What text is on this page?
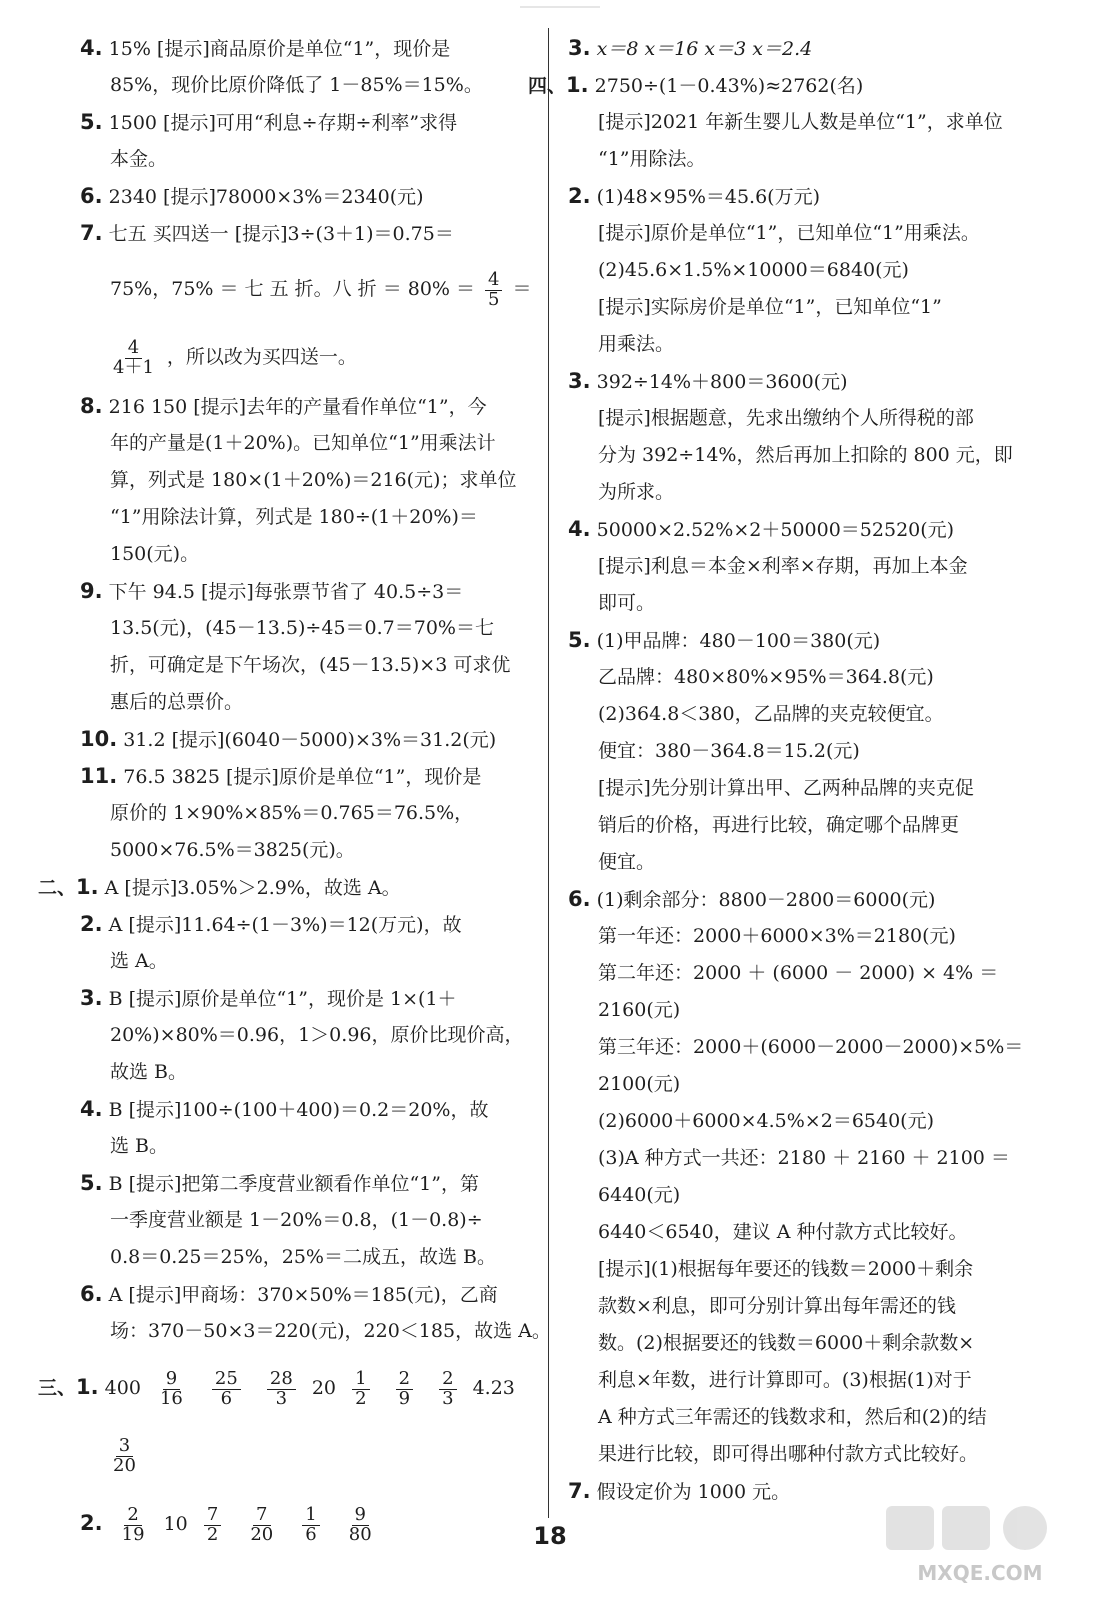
4. 15% [提示]商品原价是单位“1”，现价是
85%，现价比原价降低了 1－85%＝15%。
5. 1500 [提示]可用“利息÷存期÷利率”求得
本金。
6. 2340 [提示]78000×3%＝2340(元)
7. 七五 买四送一 [提示]3÷(3＋1)＝0.75＝
75%，75% ＝ 七 五 折。八 折 ＝ $80\% = \frac{4}{5}$ ＝
$\frac{4}{4+1}$ ，所以改为买四送一。
8. 216 150 [提示]去年的产量看作单位“1”，今
年的产量是(1＋20%)。已知单位“1”用乘法计
算，列式是 180×(1＋20%)＝216(元)；求单位
“1”用除法计算，列式是 180÷(1＋20%)＝
150(元)。
9. 下午 94.5 [提示]每张票节省了 40.5÷3＝
13.5(元)，(45－13.5)÷45＝0.7＝70%＝七
折，可确定是下午场次，(45－13.5)×3 可求优
惠后的总票价。
10. 31.2 [提示](6040－5000)×3%＝31.2(元)
11. 76.5 3825 [提示]原价是单位“1”，现价是
原价的 1×90%×85%＝0.765＝76.5%，
5000×76.5%＝3825(元)。
二、1. A [提示]3.05%＞2.9%，故选 A。
2. A [提示]11.64÷(1－3%)＝12(万元)，故
选 A。
3. B [提示]原价是单位“1”，现价是 1×(1＋
20%)×80%＝0.96，1＞0.96，原价比现价高，
故选 B。
4. B [提示]100÷(100＋400)＝0.2＝20%，故
选 B。
5. B [提示]把第二季度营业额看作单位“1”，第
一季度营业额是 1－20%＝0.8，(1－0.8)÷
0.8＝0.25＝25%，25%＝二成五，故选 B。
6. A [提示]甲商场：370×50%＝185(元)，乙商
场：370－50×3＝220(元)，220＜185，故选 A。
三、1. $400 \frac{9}{16}$
$\frac{25}{6}$
$\frac{28}{3} 20 \frac{1}{2}$
$\frac{2}{9}$
$\frac{2}{3} 4.23$
$\frac{3}{20}$
2. $\frac{2}{19} 10 \frac{7}{2}$
$\frac{7}{20}$
$\frac{1}{6}$
$\frac{9}{80}$
3. x＝8 x＝16 x＝3 x＝2.4
四、1. 2750÷(1－0.43%)≈2762(名)
[提示]2021 年新生婴儿人数是单位“1”，求单位
“1”用除法。
2. (1)48×95%＝45.6(万元)
[提示]原价是单位“1”，已知单位“1”用乘法。
(2)45.6×1.5%×10000＝6840(元)
[提示]实际房价是单位“1”，已知单位“1”
用乘法。
3. 392÷14%＋800＝3600(元)
[提示]根据题意，先求出缴纳个人所得税的部
分为 392÷14%，然后再加上扣除的 800 元，即
为所求。
4. 50000×2.52%×2＋50000＝52520(元)
[提示]利息＝本金×利率×存期，再加上本金
即可。
5. (1)甲品牌：480－100＝380(元)
乙品牌：480×80%×95%＝364.8(元)
(2)364.8＜380，乙品牌的夹克较便宜。
便宜：380－364.8＝15.2(元)
[提示]先分别计算出甲、乙两种品牌的夹克促
销后的价格，再进行比较，确定哪个品牌更
便宜。
6. (1)剩余部分：8800－2800＝6000(元)
第一年还：2000＋6000×3%＝2180(元)
第二年还：2000 ＋ (6000 － 2000) × 4% ＝
2160(元)
第三年还：2000＋(6000－2000－2000)×5%＝
2100(元)
(2)6000＋6000×4.5%×2＝6540(元)
(3)A 种方式一共还：2180 ＋ 2160 ＋ 2100 ＝
6440(元)
6440＜6540，建议 A 种付款方式比较好。
[提示](1)根据每年要还的钱数＝2000＋剩余
款数×利息，即可分别计算出每年需还的钱
数。(2)根据要还的钱数＝6000＋剩余款数×
利息×年数，进行计算即可。(3)根据(1)对于
A 种方式三年需还的钱数求和，然后和(2)的结
果进行比较，即可得出哪种付款方式比较好。
7. 假设定价为 1000 元。
18
MXQE.COM
